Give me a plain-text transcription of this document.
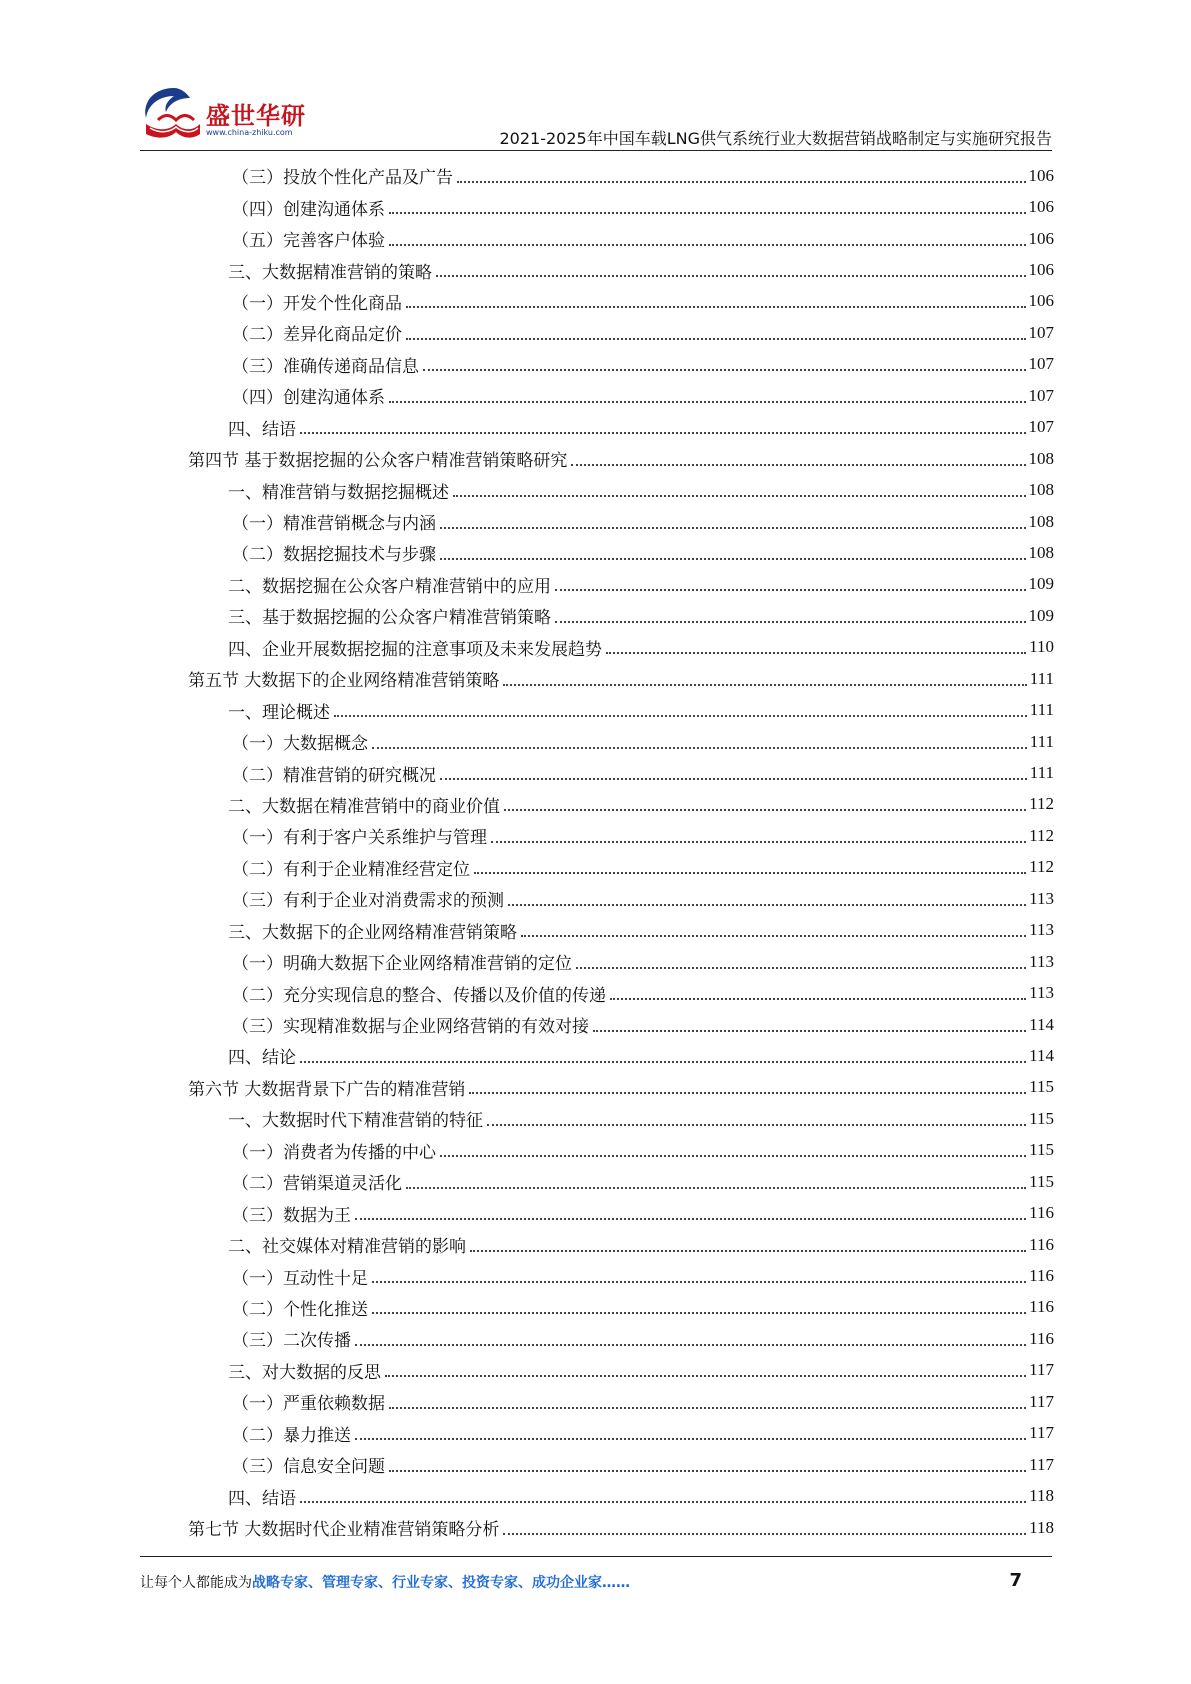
盛世华研
www.china-zhiku.com	2021-2025年中国车载LNG供气系统行业大数据营销战略制定与实施研究报告
（三）投放个性化产品及广告	106
（四）创建沟通体系	106
（五）完善客户体验	106
三、大数据精准营销的策略	106
（一）开发个性化商品	106
（二）差异化商品定价	107
（三）准确传递商品信息	107
（四）创建沟通体系	107
四、结语	107
第四节 基于数据挖掘的公众客户精准营销策略研究	108
一、精准营销与数据挖掘概述	108
（一）精准营销概念与内涵	108
（二）数据挖掘技术与步骤	108
二、数据挖掘在公众客户精准营销中的应用	109
三、基于数据挖掘的公众客户精准营销策略	109
四、企业开展数据挖掘的注意事项及未来发展趋势	110
第五节 大数据下的企业网络精准营销策略	111
一、理论概述	111
（一）大数据概念	111
（二）精准营销的研究概况	111
二、大数据在精准营销中的商业价值	112
（一）有利于客户关系维护与管理	112
（二）有利于企业精准经营定位	112
（三）有利于企业对消费需求的预测	113
三、大数据下的企业网络精准营销策略	113
（一）明确大数据下企业网络精准营销的定位	113
（二）充分实现信息的整合、传播以及价值的传递	113
（三）实现精准数据与企业网络营销的有效对接	114
四、结论	114
第六节 大数据背景下广告的精准营销	115
一、大数据时代下精准营销的特征	115
（一）消费者为传播的中心	115
（二）营销渠道灵活化	115
（三）数据为王	116
二、社交媒体对精准营销的影响	116
（一）互动性十足	116
（二）个性化推送	116
（三）二次传播	116
三、对大数据的反思	117
（一）严重依赖数据	117
（二）暴力推送	117
（三）信息安全问题	117
四、结语	118
第七节 大数据时代企业精准营销策略分析	118
让每个人都能成为战略专家、管理专家、行业专家、投资专家、成功企业家……	7
